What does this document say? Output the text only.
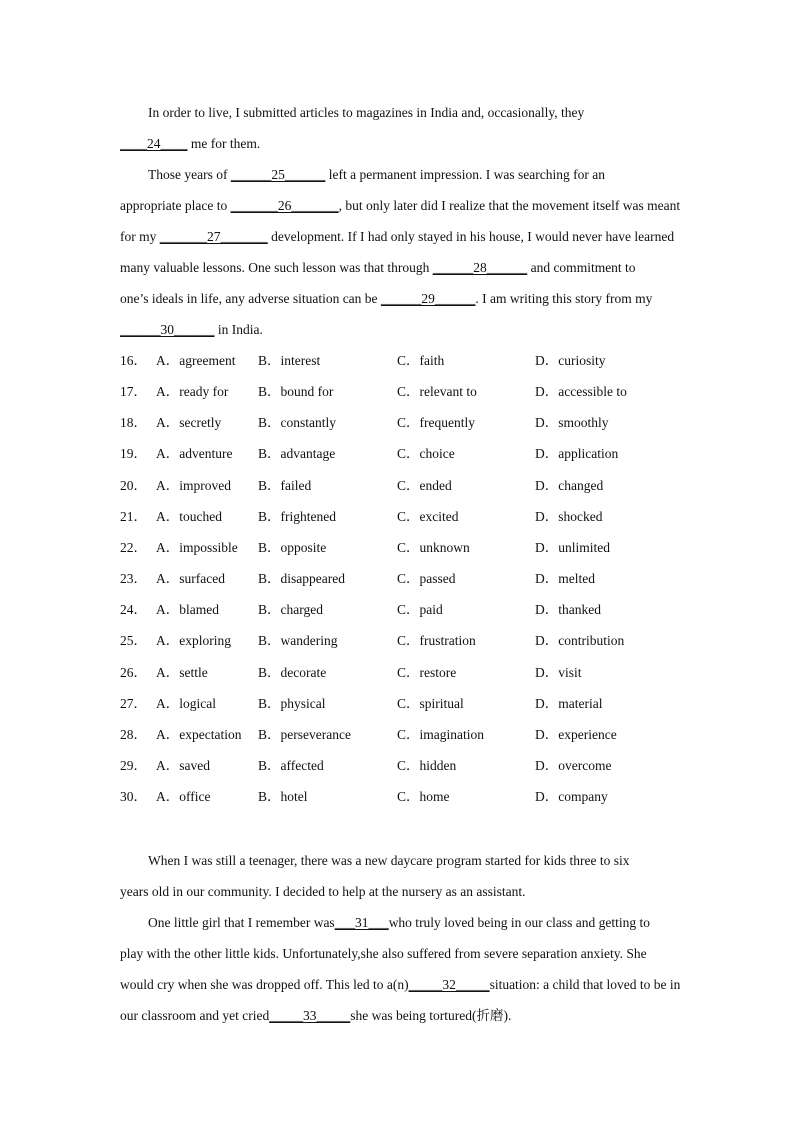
In order to live, I submitted articles to magazines in India and, occasionally, they
____24____ me for them.
Those years of ______25______ left a permanent impression. I was searching for an
appropriate place to _______26_______, but only later did I realize that the movement itself was meant
for my _______27_______ development. If I had only stayed in his house, I would never have learned
many valuable lessons. One such lesson was that through ______28______ and commitment to
one’s ideals in life, any adverse situation can be ______29______. I am writing this story from my
______30______ in India.
16． A．agreement B．interest	C．faith	D．curiosity
17． A．ready for B．bound for	C．relevant to	D．accessible to
18． A．secretly	B．constantly	C．frequently	D．smoothly
19． A．adventure B．advantage	C．choice	D．application
20． A．improved B．failed	C．ended	D．changed
21． A．touched	B．frightened	C．excited	D．shocked
22． A．impossible B．opposite	C．unknown	D．unlimited
23． A．surfaced B．disappeared	C．passed	D．melted
24． A．blamed	B．charged	C．paid	D．thanked
25． A．exploring B．wandering	C．frustration	D．contribution
26． A．settle	B．decorate	C．restore	D．visit
27． A．logical	B．physical	C．spiritual	D．material
28． A．expectation B．perseverance	C．imagination	D．experience
29． A．saved	B．affected	C．hidden	D．overcome
30． A．office	B．hotel	C．home	D．company
When I was still a teenager, there was a new daycare program started for kids three to six
years old in our community. I decided to help at the nursery as an assistant.
One little girl that I remember was___31___who truly loved being in our class and getting to
play with the other little kids. Unfortunately,she also suffered from severe separation anxiety. She
would cry when she was dropped off. This led to a(n)_____32_____situation: a child that loved to be in
our classroom and yet cried_____33_____she was being tortured(折磨).
